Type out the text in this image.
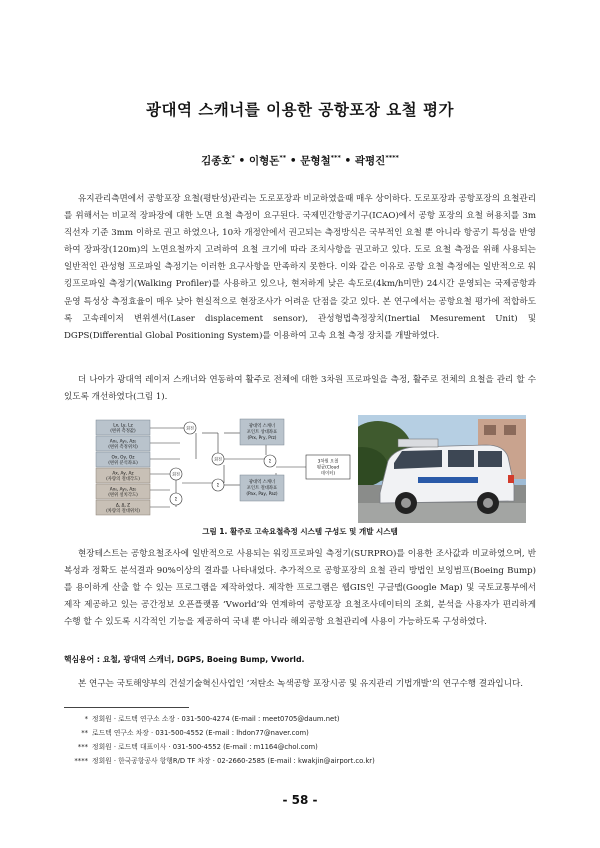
광대역 스캐너를 이용한 공항포장 요철 평가
김종호* • 이형돈** • 문형철*** • 곽평진****
유지관리측면에서 공항포장 요철(평탄성)관리는 도로포장과 비교하였을때 매우 상이하다. 도로포장과 공항포장의 요철관리를 위해서는 비교적 장파장에 대한 노면 요철 측정이 요구된다. 국제민간항공기구(ICAO)에서 공항 포장의 요철 허용치를 3m 직선자 기준 3mm 이하로 권고 하였으나, 10차 개정안에서 권고되는 측정방식은 국부적인 요철 뿐 아니라 항공기 특성을 반영하여 장파장(120m)의 노면요철까지 고려하여 요철 크기에 따라 조치사항을 권고하고 있다. 도로 요철 측정을 위해 사용되는 일반적인 관성형 프로파일 측정기는 이러한 요구사항을 만족하지 못한다. 이와 같은 이유로 공항 요철 측정에는 일반적으로 워킹프로파일 측정기(Walking Profiler)를 사용하고 있으나, 현저하게 낮은 속도로(4km/h미만) 24시간 운영되는 국제공항과 운영 특성상 측정효율이 매우 낮아 현실적으로 현장조사가 어려운 단점을 갖고 있다. 본 연구에서는 공항요철 평가에 적합하도록 고속레이저 변위센서(Laser displacement sensor), 관성형법측정장치(Inertial Mesurement Unit) 및 DGPS(Differential Global Positioning System)를 이용하여 고속 요철 측정 장치를 개발하였다.
더 나아가 광대역 레이저 스캐너와 연동하여 활주로 전체에 대한 3차원 프로파일을 측정, 활주로 전체의 요철을 관리 할 수 있도록 개선하였다(그림 1).
Lx, Ly, Lz
(변위 측정값)
Ax₀, Ay₀, Az₀
(변위 측정위치)
Ox, Oy, Oz
(변위 분석좌표)
Ax, Ay, Az
(자량의 절대각도)
Ax₀, Ay₀, Az₀
(변위 설치각도)
Δ, Δ, Z
(차량의 절대위치)
회전
회전
회전
Σ
Σ
Σ
광대역 스캐너
포인트 상대좌표
(Prx, Pry, Prz)
광대역 스캐너
포인트 절대좌표
(Pax, Pay, Paz)
3차원 요철
평균(Cloud
데이터)
그림 1. 활주로 고속요철측정 시스템 구성도 및 개발 시스템
현장테스트는 공항요철조사에 일반적으로 사용되는 워킹프로파일 측정기(SURPRO)를 이용한 조사값과 비교하였으며, 반복성과 정확도 분석결과 90%이상의 결과를 나타내었다. 추가적으로 공항포장의 요철 관리 방법인 보잉범프(Boeing Bump)를 용이하게 산출 할 수 있는 프로그램을 제작하였다. 제작한 프로그램은 웹GIS인 구글맵(Google Map) 및 국토교통부에서 제작 제공하고 있는 공간정보 오픈플랫폼 ‘Vworld’와 연계하여 공항포장 요철조사데이터의 조회, 분석을 사용자가 편리하게 수행 할 수 있도록 시각적인 기능을 제공하여 국내 뿐 아니라 해외공항 요철관리에 사용이 가능하도록 구성하였다.
핵심용어 : 요철, 광대역 스캐너, DGPS, Boeing Bump, Vworld.
본 연구는 국토해양부의 건설기술혁신사업인 ‘저탄소 녹색공항 포장시공 및 유지관리 기법개발’의 연구수행 결과입니다.
* 정회원 · 로드텍 연구소 소장 · 031-500-4274 (E-mail : meet0705@daum.net)
** 로드텍 연구소 차장 · 031-500-4552 (E-mail : lhdon77@naver.com)
*** 정회원 · 로드텍 대표이사 · 031-500-4552 (E-mail : m1164@chol.com)
**** 정회원 · 한국공항공사 항행R/D TF 차장 · 02-2660-2585 (E-mail : kwakjin@airport.co.kr)
- 58 -
